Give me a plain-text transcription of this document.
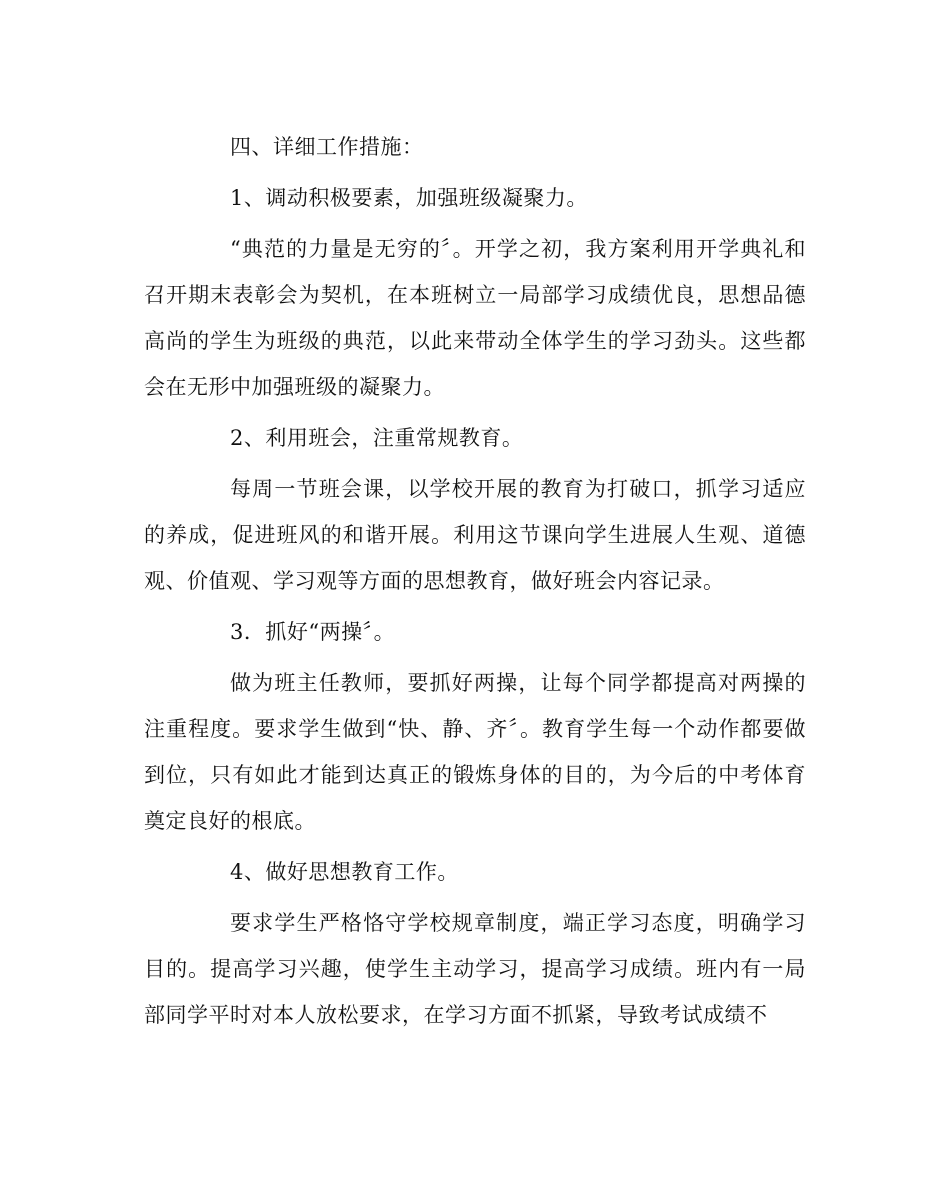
四、详细工作措施：

1、调动积极要素，加强班级凝聚力。

“典范的力量是无穷的〞。开学之初，我方案利用开学典礼和召开期末表彰会为契机，在本班树立一局部学习成绩优良，思想品德高尚的学生为班级的典范，以此来带动全体学生的学习劲头。这些都会在无形中加强班级的凝聚力。

2、利用班会，注重常规教育。

每周一节班会课，以学校开展的教育为打破口，抓学习适应的养成，促进班风的和谐开展。利用这节课向学生进展人生观、道德观、价值观、学习观等方面的思想教育，做好班会内容记录。

3．抓好“两操〞。

做为班主任教师，要抓好两操，让每个同学都提高对两操的注重程度。要求学生做到“快、静、齐〞。教育学生每一个动作都要做到位，只有如此才能到达真正的锻炼身体的目的，为今后的中考体育奠定良好的根底。

4、做好思想教育工作。

要求学生严格恪守学校规章制度，端正学习态度，明确学习目的。提高学习兴趣，使学生主动学习，提高学习成绩。班内有一局部同学平时对本人放松要求，在学习方面不抓紧，导致考试成绩不
